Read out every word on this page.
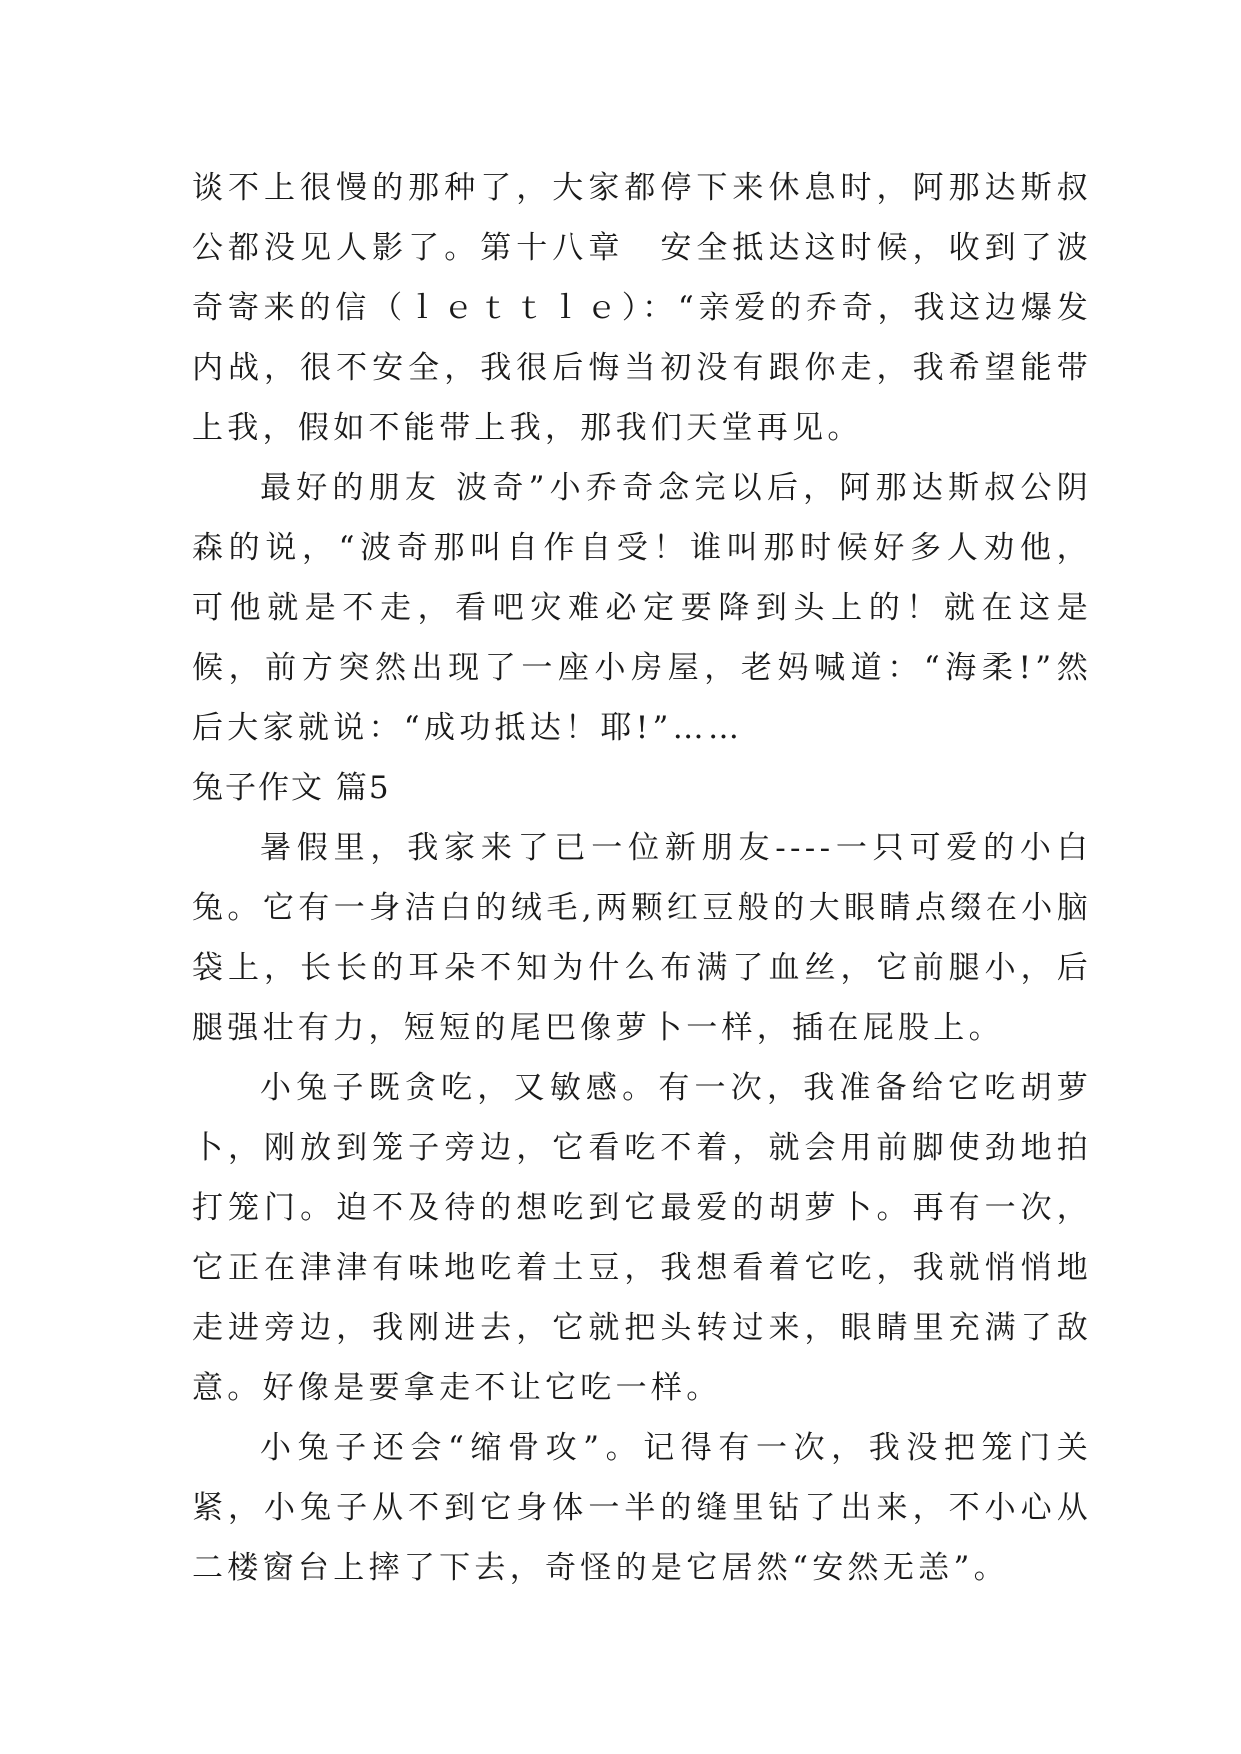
谈不上很慢的那种了，大家都停下来休息时，阿那达斯叔公都没见人影了。第十八章　安全抵达这时候，收到了波奇寄来的信（ｌｅｔｔｌｅ）：“亲爱的乔奇，我这边爆发内战，很不安全，我很后悔当初没有跟你走，我希望能带上我，假如不能带上我，那我们天堂再见。

最好的朋友 波奇”小乔奇念完以后，阿那达斯叔公阴森的说，“波奇那叫自作自受！谁叫那时候好多人劝他，可他就是不走，看吧灾难必定要降到头上的！就在这是候，前方突然出现了一座小房屋，老妈喊道：“海柔!”然后大家就说：“成功抵达！耶!”……

兔子作文 篇5

暑假里，我家来了已一位新朋友----一只可爱的小白兔。它有一身洁白的绒毛,两颗红豆般的大眼睛点缀在小脑袋上，长长的耳朵不知为什么布满了血丝，它前腿小，后腿强壮有力，短短的尾巴像萝卜一样，插在屁股上。

小兔子既贪吃，又敏感。有一次，我准备给它吃胡萝卜，刚放到笼子旁边，它看吃不着，就会用前脚使劲地拍打笼门。迫不及待的想吃到它最爱的胡萝卜。再有一次，它正在津津有味地吃着土豆，我想看着它吃，我就悄悄地走进旁边，我刚进去，它就把头转过来，眼睛里充满了敌意。好像是要拿走不让它吃一样。

小兔子还会“缩骨攻”。记得有一次，我没把笼门关紧，小兔子从不到它身体一半的缝里钻了出来，不小心从二楼窗台上摔了下去，奇怪的是它居然“安然无恙”。
